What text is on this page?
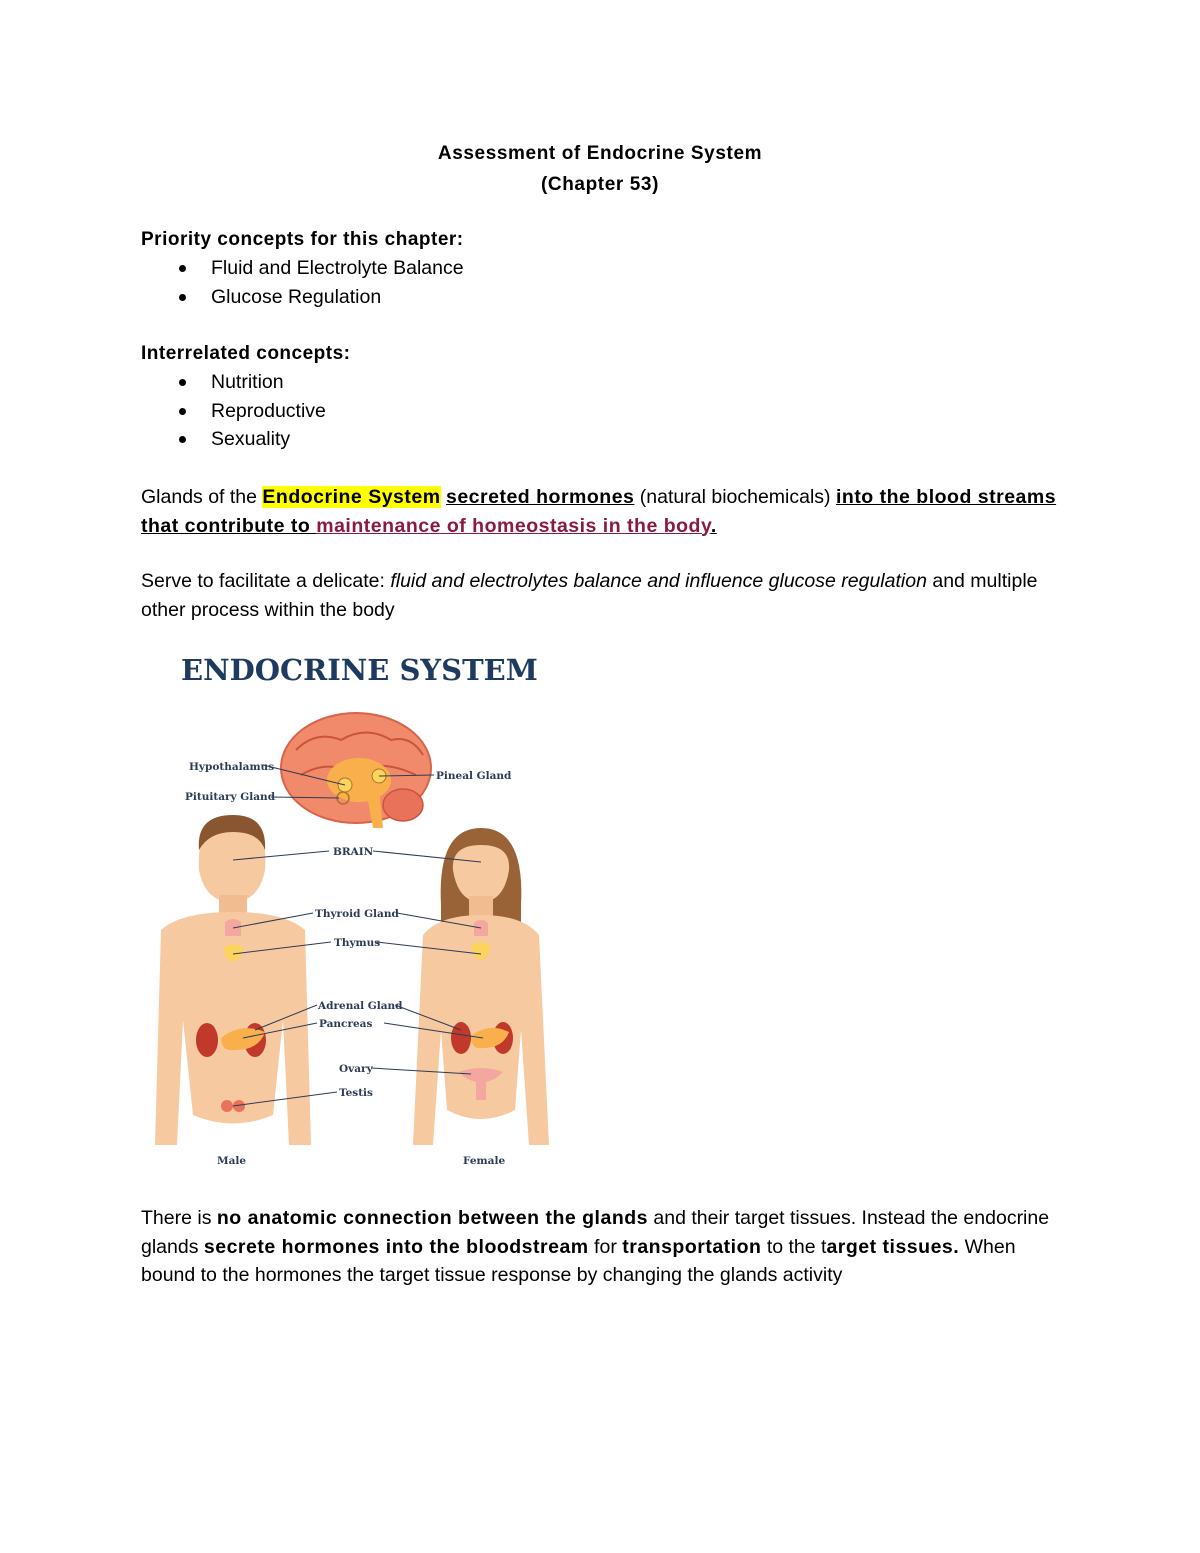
Assessment of Endocrine System
(Chapter 53)
Priority concepts for this chapter:
Fluid and Electrolyte Balance
Glucose Regulation
Interrelated concepts:
Nutrition
Reproductive
Sexuality
Glands of the Endocrine System secreted hormones (natural biochemicals) into the blood streams that contribute to maintenance of homeostasis in the body.
Serve to facilitate a delicate: fluid and electrolytes balance and influence glucose regulation and multiple other process within the body
ENDOCRINE SYSTEM
Hypothalamus
Pituitary Gland
Pineal Gland
BRAIN
Thyroid Gland
Thymus
Adrenal Gland
Pancreas
Ovary
Testis
Male	Female
There is no anatomic connection between the glands and their target tissues. Instead the endocrine glands secrete hormones into the bloodstream for transportation to the target tissues. When bound to the hormones the target tissue response by changing the glands activity
